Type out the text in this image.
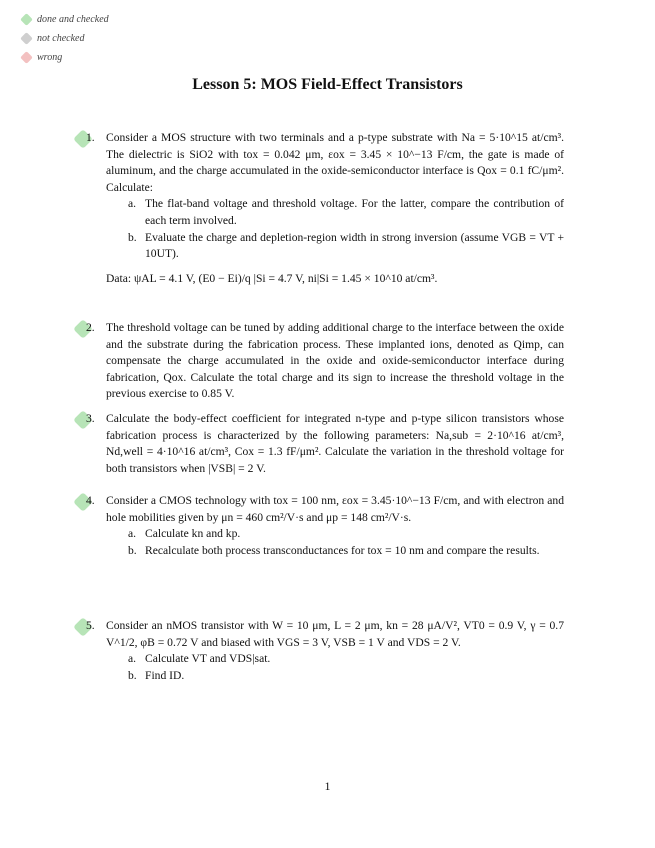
done and checked
not checked
wrong
Lesson 5: MOS Field-Effect Transistors
1. Consider a MOS structure with two terminals and a p-type substrate with Na = 5·10^15 at/cm³. The dielectric is SiO2 with tox = 0.042 μm, εox = 3.45 × 10^−13 F/cm, the gate is made of aluminum, and the charge accumulated in the oxide-semiconductor interface is Qox = 0.1 fC/μm². Calculate:
a. The flat-band voltage and threshold voltage. For the latter, compare the contribution of each term involved.
b. Evaluate the charge and depletion-region width in strong inversion (assume VGB = VT + 10UT).
Data: ψAL = 4.1 V, (E0 − Ei)/q |Si = 4.7 V, ni|Si = 1.45 × 10^10 at/cm³.
2. The threshold voltage can be tuned by adding additional charge to the interface between the oxide and the substrate during the fabrication process. These implanted ions, denoted as Qimp, can compensate the charge accumulated in the oxide and oxide-semiconductor interface during fabrication, Qox. Calculate the total charge and its sign to increase the threshold voltage in the previous exercise to 0.85 V.
3. Calculate the body-effect coefficient for integrated n-type and p-type silicon transistors whose fabrication process is characterized by the following parameters: Na,sub = 2·10^16 at/cm³, Nd,well = 4·10^16 at/cm³, Cox = 1.3 fF/μm². Calculate the variation in the threshold voltage for both transistors when |VSB| = 2 V.
4. Consider a CMOS technology with tox = 100 nm, εox = 3.45·10^−13 F/cm, and with electron and hole mobilities given by μn = 460 cm²/V·s and μp = 148 cm²/V·s.
a. Calculate kn and kp.
b. Recalculate both process transconductances for tox = 10 nm and compare the results.
5. Consider an nMOS transistor with W = 10 μm, L = 2 μm, kn = 28 μA/V², VT0 = 0.9 V, γ = 0.7 V^1/2, φB = 0.72 V and biased with VGS = 3 V, VSB = 1 V and VDS = 2 V.
a. Calculate VT and VDS|sat.
b. Find ID.
1
